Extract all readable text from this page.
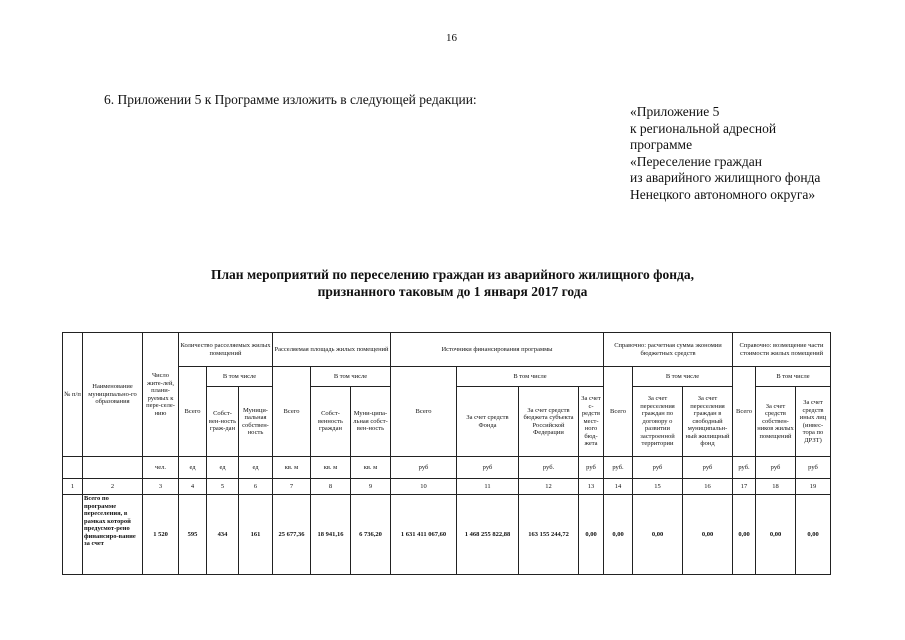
16
6. Приложении 5 к Программе изложить в следующей редакции:
«Приложение 5
к региональной адресной
программе
«Переселение граждан
из аварийного жилищного фонда
Ненецкого автономного округа»
План мероприятий по переселению граждан из аварийного жилищного фонда,
признанного таковым до 1 января 2017 года
№ п/п	Наименование муниципально-го образования	Число жите-лей, плани-руемых к пере-селе-нию	Количество расселяемых жилых помещений			Расселяемая площадь жилых помещений			Источники финансирования программы				Справочно: расчетная сумма экономии бюджетных средств			Справочно: возмещение части стоимости жилых помещений		
			Всего	В том числе		Всего	В том числе		Всего	В том числе			Всего	В том числе		Всего	В том числе	
				Собст-вен-ность граж-дан	Муници-пальная собствен-ность		Собст-венность граждан	Муни-ципа-льная собст-вен-ность		За счет средств Фонда	За счет средств бюджета субъекта Российской Федерации	За счет с-редств мест-ного бюд-жета		За счет переселения граждан по договору о развитии застроенной территории	За счет переселения граждан в свободный муниципальн-ный жилищный фонд		За счет средств собствен-ников жилых помещений	За счет средств иных лиц (инвес-тора по ДРЗТ)
		чел.	ед	ед	ед	кв. м	кв. м	кв. м	руб	руб	руб.	руб	руб.	руб	руб	руб.	руб	руб
1	2	3	4	5	6	7	8	9	10	11	12	13	14	15	16	17	18	19
	Всего по программе переселения, в рамках которой предусмот-рено финансиро-вание за счет	1 520	595	434	161	25 677,36	18 941,16	6 736,20	1 631 411 067,60	1 468 255 822,88	163 155 244,72	0,00	0,00	0,00	0,00	0,00	0,00	0,00
